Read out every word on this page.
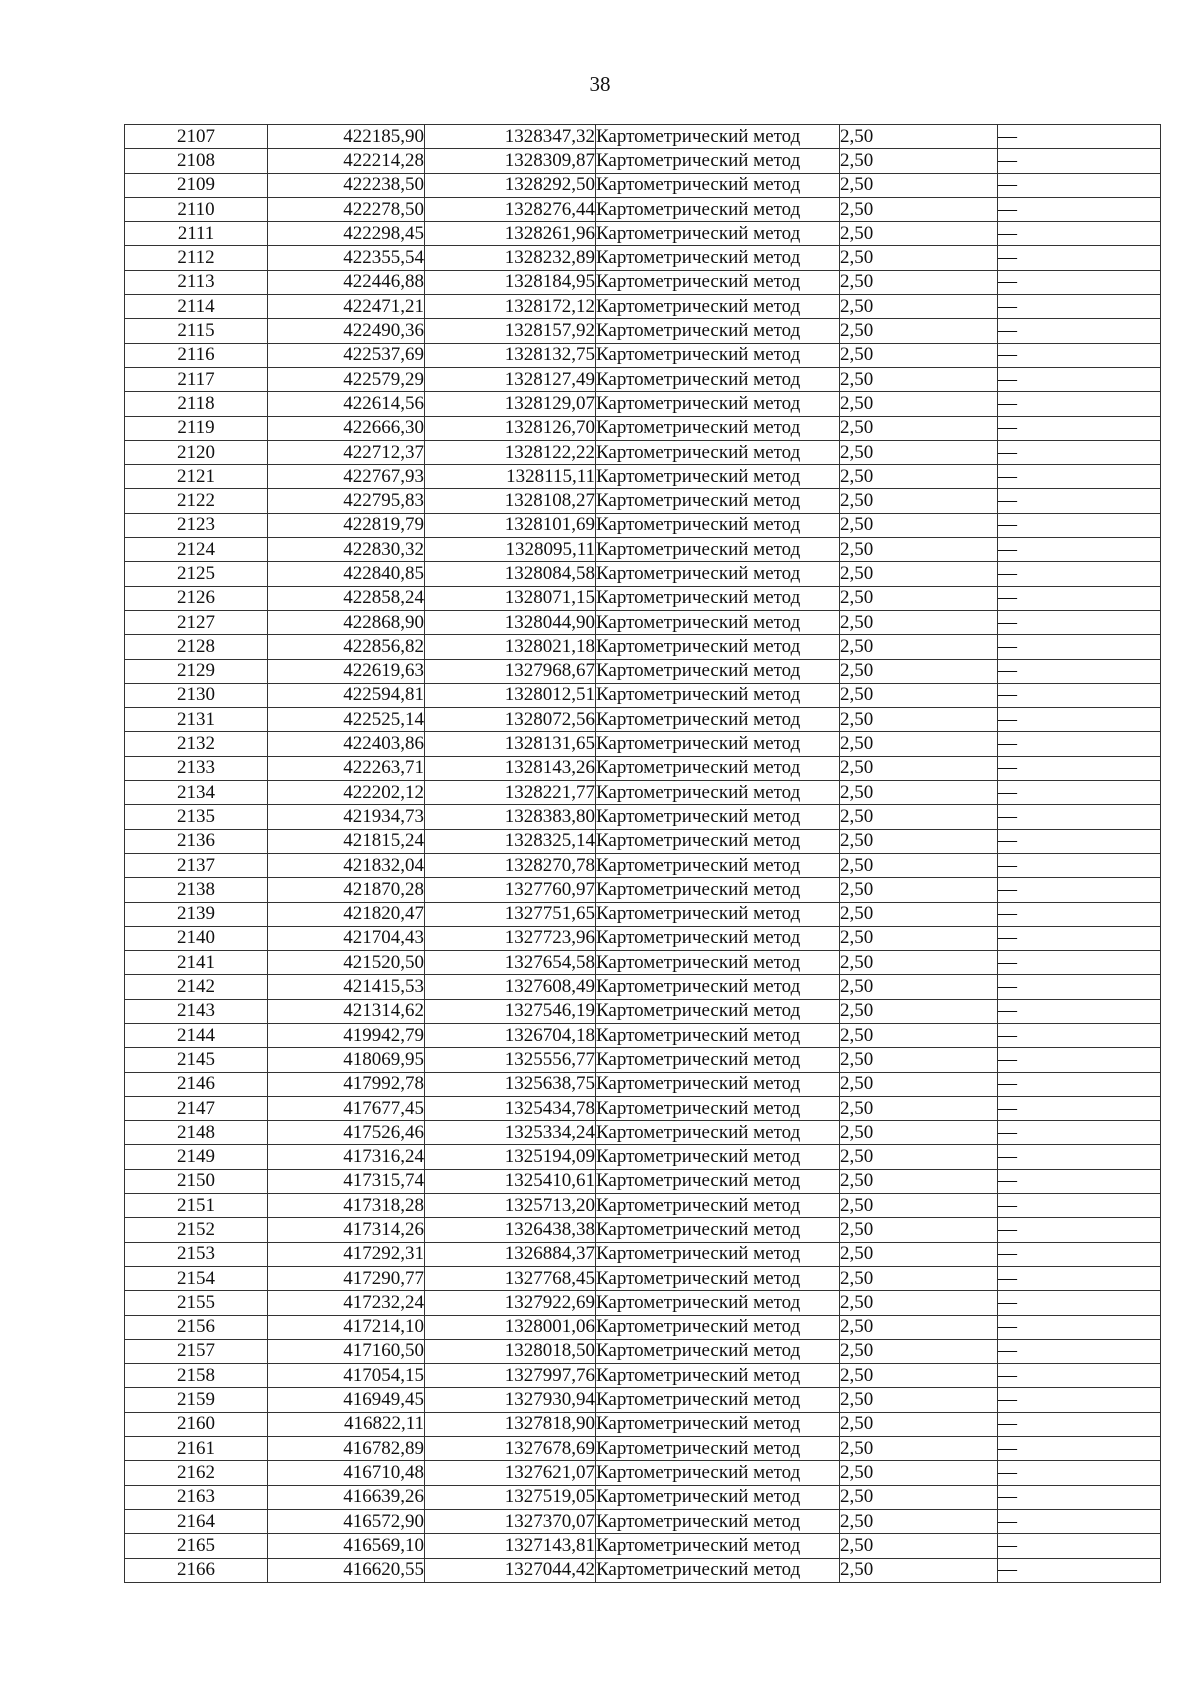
38
2107	422185,90	1328347,32	Картометрический метод	2,50	—
2108	422214,28	1328309,87	Картометрический метод	2,50	—
2109	422238,50	1328292,50	Картометрический метод	2,50	—
2110	422278,50	1328276,44	Картометрический метод	2,50	—
2111	422298,45	1328261,96	Картометрический метод	2,50	—
2112	422355,54	1328232,89	Картометрический метод	2,50	—
2113	422446,88	1328184,95	Картометрический метод	2,50	—
2114	422471,21	1328172,12	Картометрический метод	2,50	—
2115	422490,36	1328157,92	Картометрический метод	2,50	—
2116	422537,69	1328132,75	Картометрический метод	2,50	—
2117	422579,29	1328127,49	Картометрический метод	2,50	—
2118	422614,56	1328129,07	Картометрический метод	2,50	—
2119	422666,30	1328126,70	Картометрический метод	2,50	—
2120	422712,37	1328122,22	Картометрический метод	2,50	—
2121	422767,93	1328115,11	Картометрический метод	2,50	—
2122	422795,83	1328108,27	Картометрический метод	2,50	—
2123	422819,79	1328101,69	Картометрический метод	2,50	—
2124	422830,32	1328095,11	Картометрический метод	2,50	—
2125	422840,85	1328084,58	Картометрический метод	2,50	—
2126	422858,24	1328071,15	Картометрический метод	2,50	—
2127	422868,90	1328044,90	Картометрический метод	2,50	—
2128	422856,82	1328021,18	Картометрический метод	2,50	—
2129	422619,63	1327968,67	Картометрический метод	2,50	—
2130	422594,81	1328012,51	Картометрический метод	2,50	—
2131	422525,14	1328072,56	Картометрический метод	2,50	—
2132	422403,86	1328131,65	Картометрический метод	2,50	—
2133	422263,71	1328143,26	Картометрический метод	2,50	—
2134	422202,12	1328221,77	Картометрический метод	2,50	—
2135	421934,73	1328383,80	Картометрический метод	2,50	—
2136	421815,24	1328325,14	Картометрический метод	2,50	—
2137	421832,04	1328270,78	Картометрический метод	2,50	—
2138	421870,28	1327760,97	Картометрический метод	2,50	—
2139	421820,47	1327751,65	Картометрический метод	2,50	—
2140	421704,43	1327723,96	Картометрический метод	2,50	—
2141	421520,50	1327654,58	Картометрический метод	2,50	—
2142	421415,53	1327608,49	Картометрический метод	2,50	—
2143	421314,62	1327546,19	Картометрический метод	2,50	—
2144	419942,79	1326704,18	Картометрический метод	2,50	—
2145	418069,95	1325556,77	Картометрический метод	2,50	—
2146	417992,78	1325638,75	Картометрический метод	2,50	—
2147	417677,45	1325434,78	Картометрический метод	2,50	—
2148	417526,46	1325334,24	Картометрический метод	2,50	—
2149	417316,24	1325194,09	Картометрический метод	2,50	—
2150	417315,74	1325410,61	Картометрический метод	2,50	—
2151	417318,28	1325713,20	Картометрический метод	2,50	—
2152	417314,26	1326438,38	Картометрический метод	2,50	—
2153	417292,31	1326884,37	Картометрический метод	2,50	—
2154	417290,77	1327768,45	Картометрический метод	2,50	—
2155	417232,24	1327922,69	Картометрический метод	2,50	—
2156	417214,10	1328001,06	Картометрический метод	2,50	—
2157	417160,50	1328018,50	Картометрический метод	2,50	—
2158	417054,15	1327997,76	Картометрический метод	2,50	—
2159	416949,45	1327930,94	Картометрический метод	2,50	—
2160	416822,11	1327818,90	Картометрический метод	2,50	—
2161	416782,89	1327678,69	Картометрический метод	2,50	—
2162	416710,48	1327621,07	Картометрический метод	2,50	—
2163	416639,26	1327519,05	Картометрический метод	2,50	—
2164	416572,90	1327370,07	Картометрический метод	2,50	—
2165	416569,10	1327143,81	Картометрический метод	2,50	—
2166	416620,55	1327044,42	Картометрический метод	2,50	—
